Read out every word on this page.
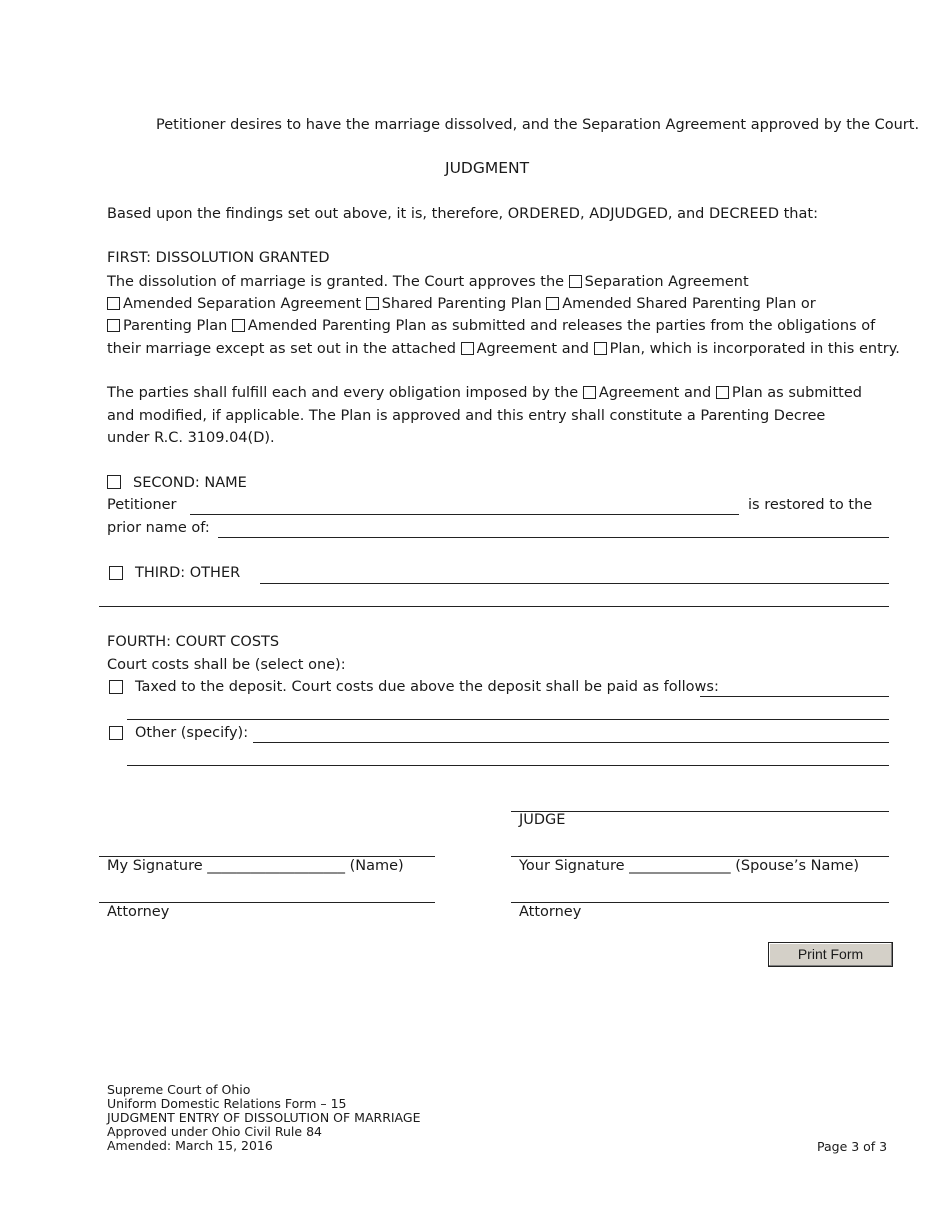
Petitioner desires to have the marriage dissolved, and the Separation Agreement approved by the Court.
JUDGMENT
Based upon the findings set out above, it is, therefore, ORDERED, ADJUDGED, and DECREED that:
FIRST: DISSOLUTION GRANTED
The dissolution of marriage is granted. The Court approves the Separation Agreement
Amended Separation Agreement Shared Parenting Plan Amended Shared Parenting Plan or
Parenting Plan Amended Parenting Plan as submitted and releases the parties from the obligations of
their marriage except as set out in the attached Agreement and Plan, which is incorporated in this entry.
The parties shall fulfill each and every obligation imposed by the Agreement and Plan as submitted
and modified, if applicable. The Plan is approved and this entry shall constitute a Parenting Decree
under R.C. 3109.04(D).
SECOND: NAME
Petitioner	is restored to the
prior name of:
THIRD: OTHER
FOURTH: COURT COSTS
Court costs shall be (select one):
Taxed to the deposit. Court costs due above the deposit shall be paid as follows:
Other (specify):
JUDGE
My Signature ___________________ (Name)	Your Signature ______________ (Spouse’s Name)
Attorney	Attorney
Print Form
Supreme Court of Ohio
Uniform Domestic Relations Form – 15
JUDGMENT ENTRY OF DISSOLUTION OF MARRIAGE
Approved under Ohio Civil Rule 84
Amended: March 15, 2016	Page 3 of 3
